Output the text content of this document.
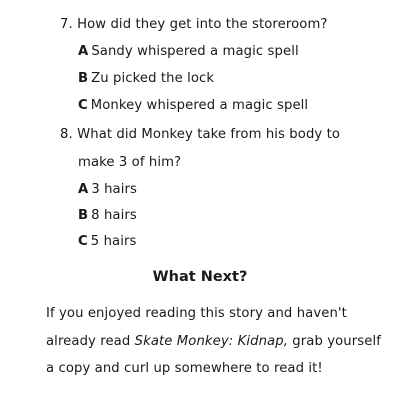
7. How did they get into the storeroom?
A Sandy whispered a magic spell
B Zu picked the lock
C Monkey whispered a magic spell
8. What did Monkey take from his body to
make 3 of him?
A 3 hairs
B 8 hairs
C 5 hairs
What Next?
If you enjoyed reading this story and haven't
already read Skate Monkey: Kidnap, grab yourself
a copy and curl up somewhere to read it!
